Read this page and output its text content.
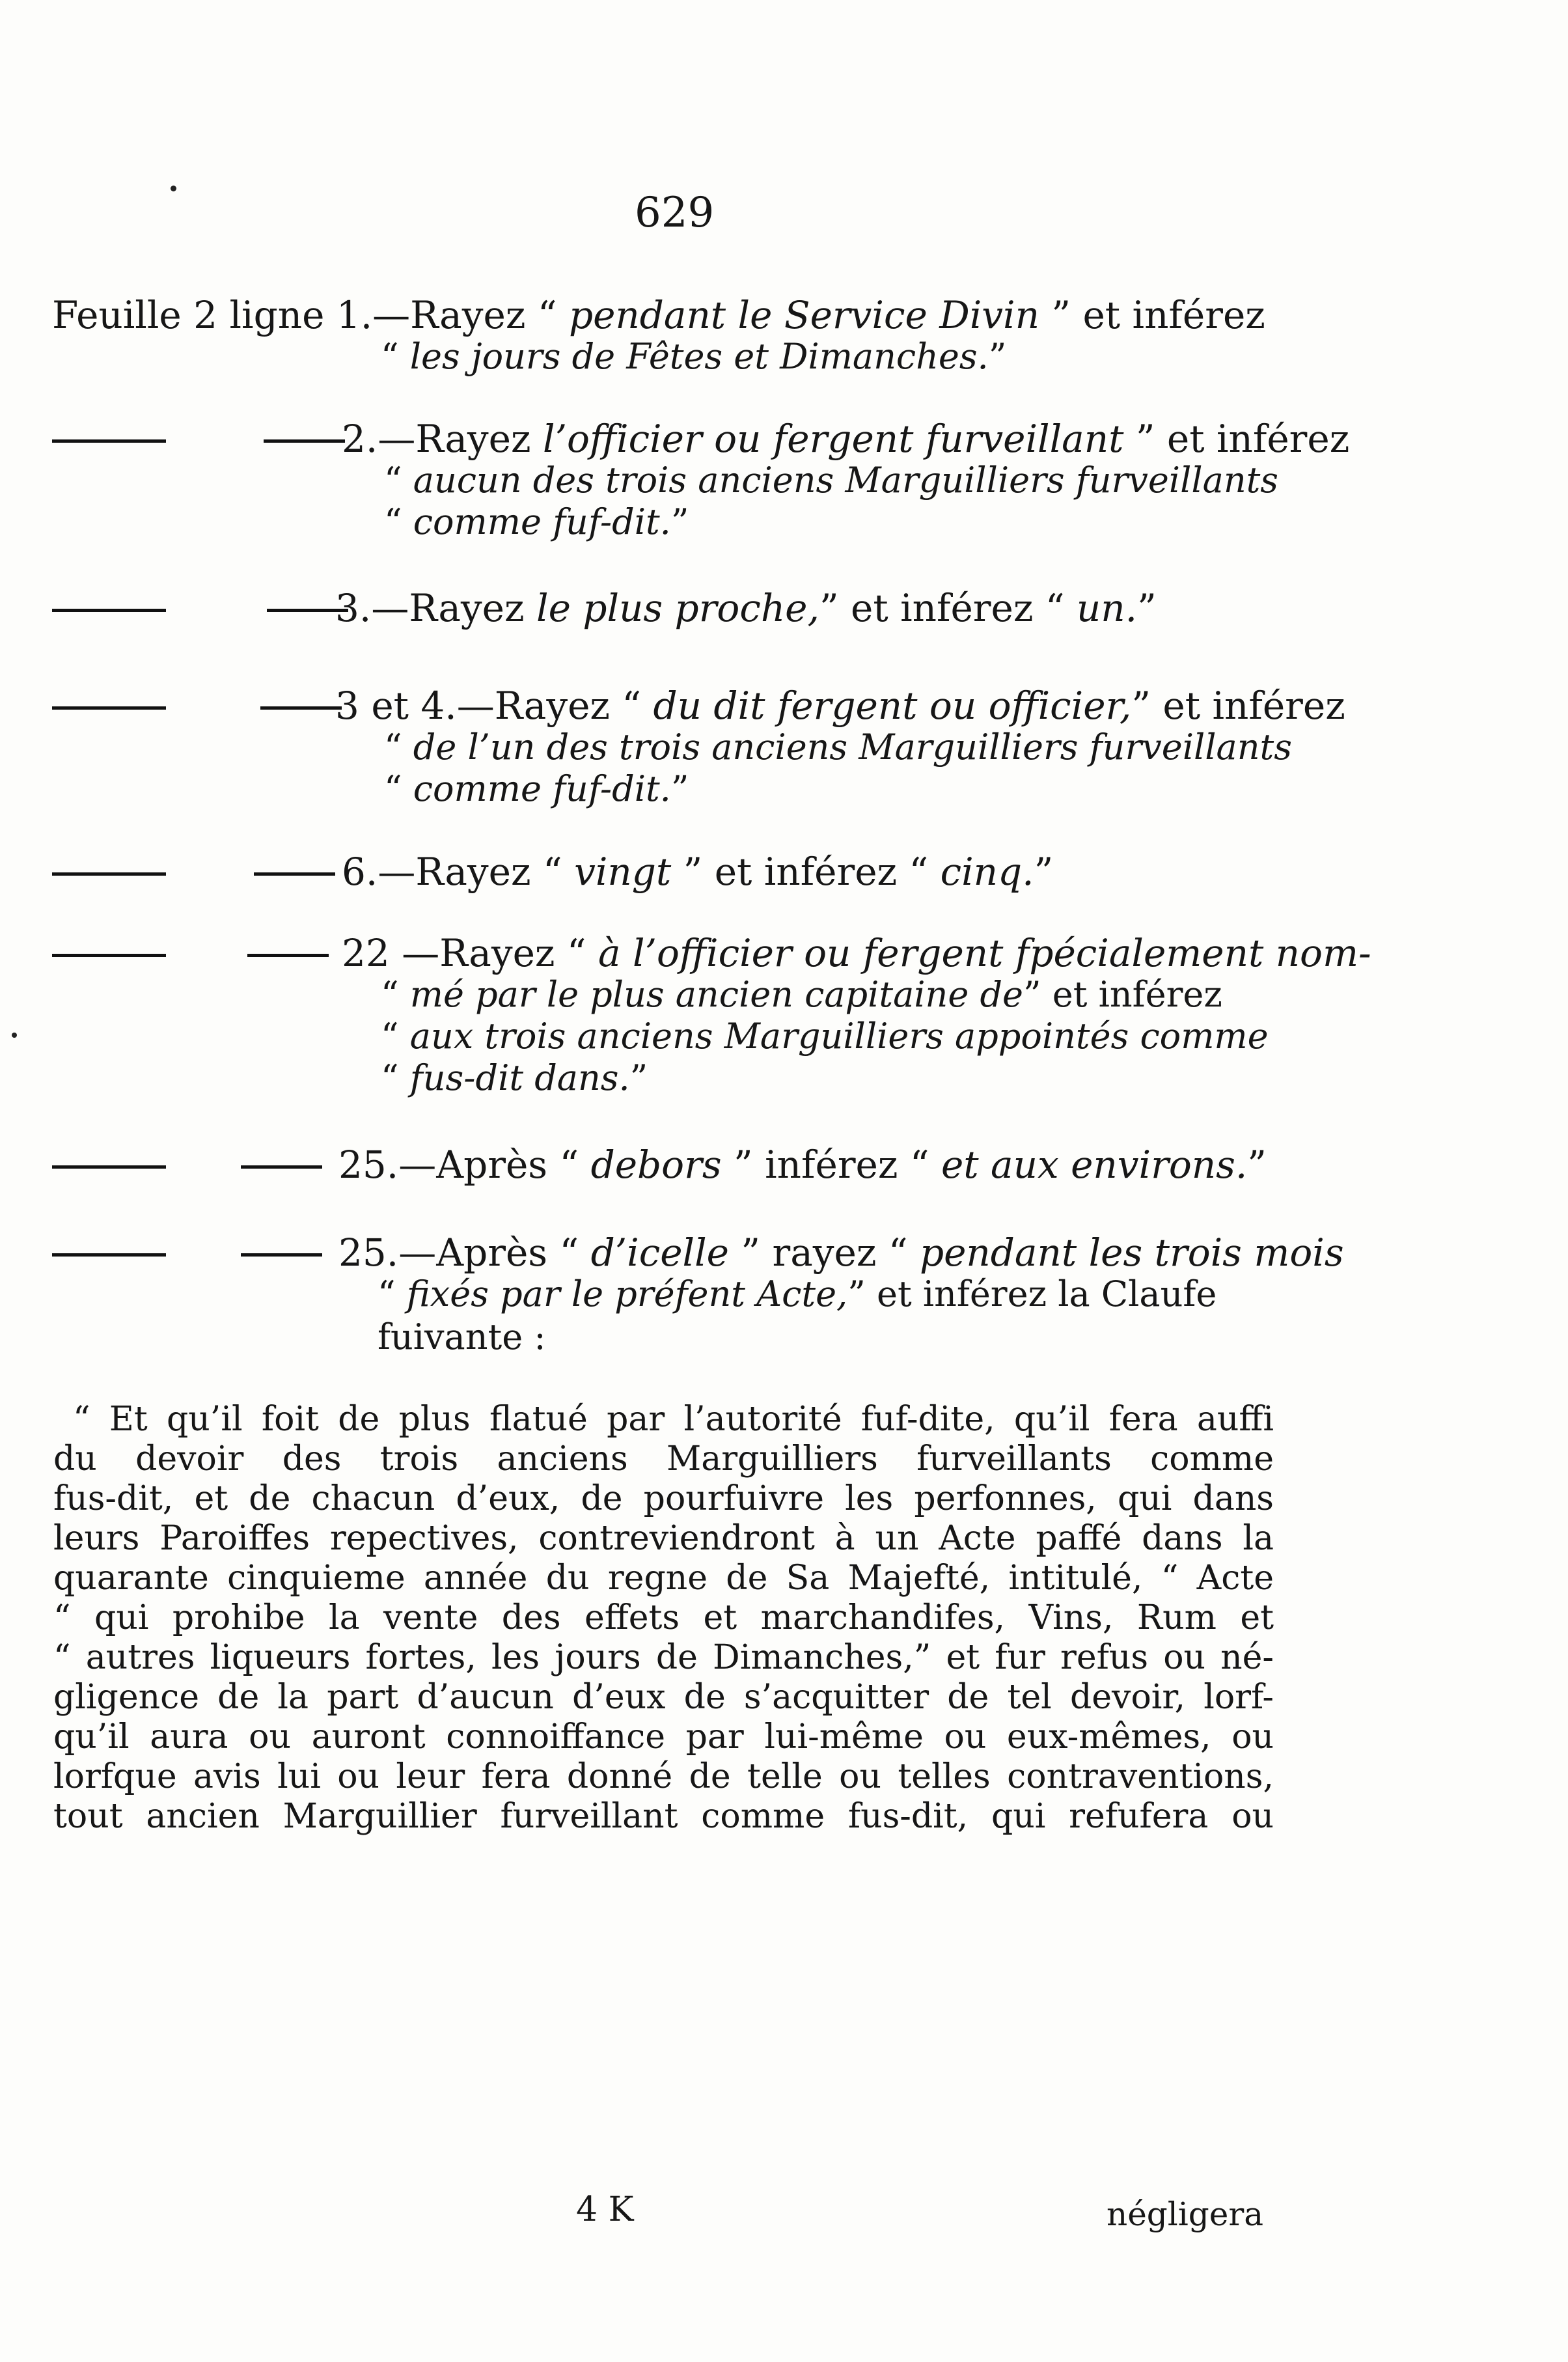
629
Feuille 2 ligne 1.—Rayez “ pendant le Service Divin ” et inférez
“ les jours de Fêtes et Dimanches.”
2.—Rayez l’officier ou fergent furveillant ” et inférez
“ aucun des trois anciens Marguilliers furveillants
“ comme fuf-dit.”
3.—Rayez le plus proche,” et inférez “ un.”
3 et 4.—Rayez “ du dit fergent ou officier,” et inférez
“ de l’un des trois anciens Marguilliers furveillants
“ comme fuf-dit.”
6.—Rayez “ vingt ” et inférez “ cinq.”
22 —Rayez “ à l’officier ou fergent fpécialement nom-
“ mé par le plus ancien capitaine de” et inférez
“ aux trois anciens Marguilliers appointés comme
“ fus-dit dans.”
25.—Après “ debors ” inférez “ et aux environs.”
25.—Après “ d’icelle ” rayez “ pendant les trois mois
“ fixés par le préfent Acte,” et inférez la Claufe
fuivante :

“ Et qu’il foit de plus flatué par l’autorité fuf-dite, qu’il fera auffi

du devoir des trois anciens Marguilliers furveillants comme

fus-dit, et de chacun d’eux, de pourfuivre les perfonnes, qui dans

leurs Paroiffes repectives, contreviendront à un Acte paffé dans la

quarante cinquieme année du regne de Sa Majefté, intitulé, “ Acte

“ qui prohibe la vente des effets et marchandifes, Vins, Rum et

“ autres liqueurs fortes, les jours de Dimanches,” et fur refus ou né-

gligence de la part d’aucun d’eux de s’acquitter de tel devoir, lorf-

qu’il aura ou auront connoiffance par lui-même ou eux-mêmes, ou

lorfque avis lui ou leur fera donné de telle ou telles contraventions,

tout ancien Marguillier furveillant comme fus-dit, qui refufera ou

4 K	négligera
